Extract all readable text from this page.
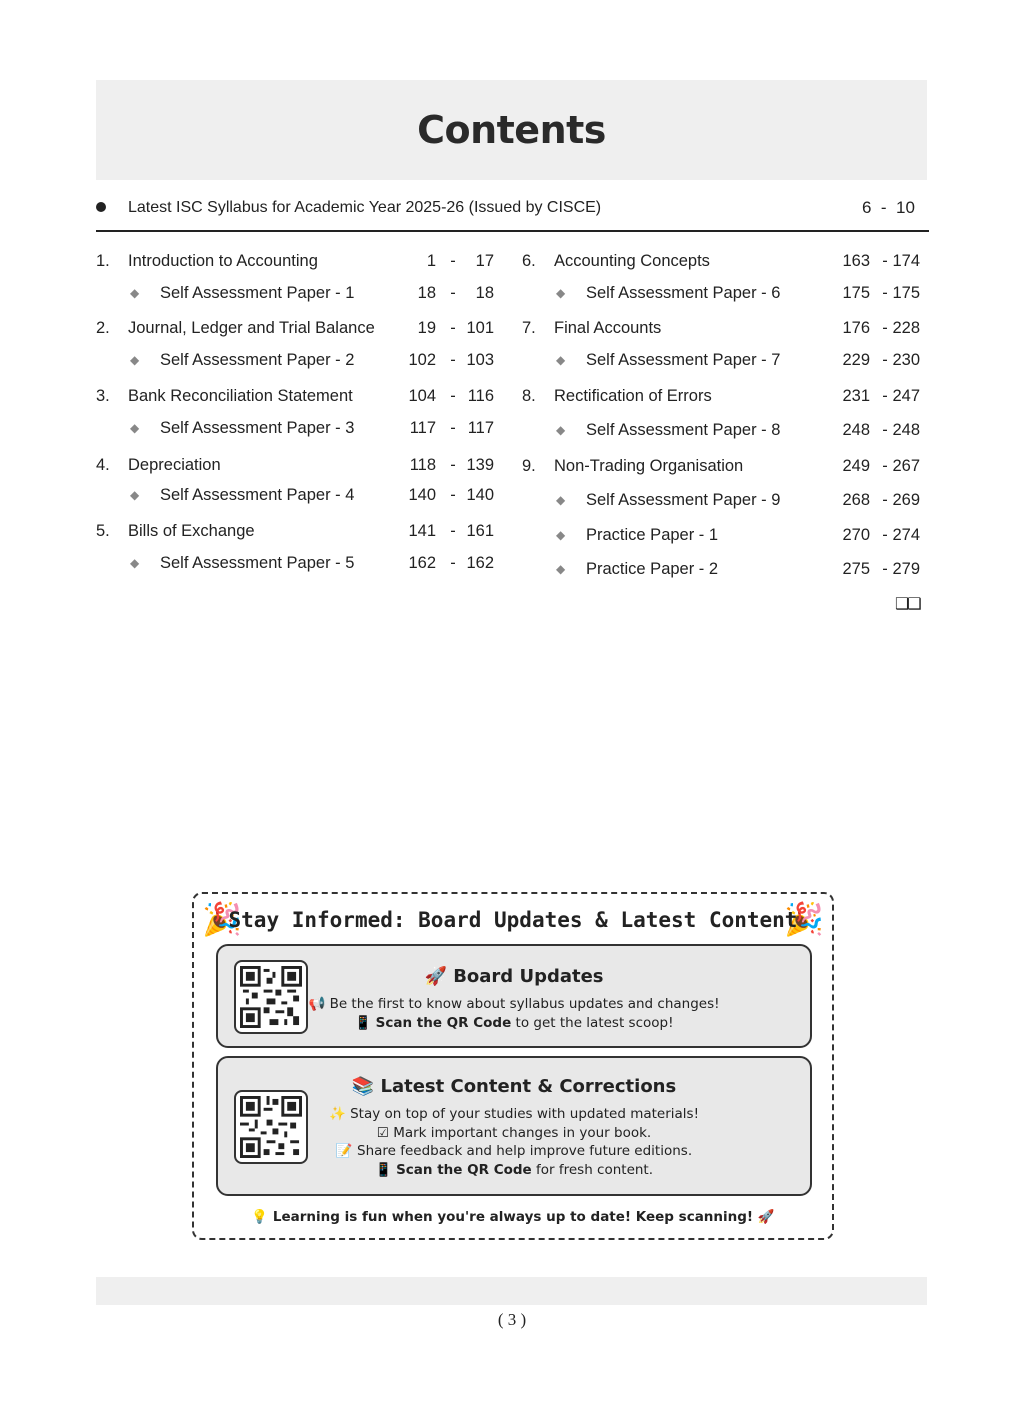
Contents
Latest ISC Syllabus for Academic Year 2025-26 (Issued by CISCE)	6  -  10
1. Introduction to Accounting	1 -	17
◆ Self Assessment Paper - 1	18 -	18
2. Journal, Ledger and Trial Balance	19 - 101
◆ Self Assessment Paper - 2	102 - 103
3. Bank Reconciliation Statement	104 - 116
◆ Self Assessment Paper - 3	117 - 117
4. Depreciation	118 - 139
◆ Self Assessment Paper - 4	140 - 140
5. Bills of Exchange	141 - 161
◆ Self Assessment Paper - 5	162 - 162
6. Accounting Concepts	163 - 174
◆ Self Assessment Paper - 6	175 - 175
7. Final Accounts	176 - 228
◆ Self Assessment Paper - 7	229 - 230
8. Rectification of Errors	231 - 247
◆ Self Assessment Paper - 8	248 - 248
9. Non-Trading Organisation	249 - 267
◆ Self Assessment Paper - 9	268 - 269
◆ Practice Paper - 1	270 - 274
◆ Practice Paper - 2	275 - 279
❑❑
🎉	🎉
Stay Informed: Board Updates & Latest Content
🚀 Board Updates
📢 Be the first to know about syllabus updates and changes!
📱 Scan the QR Code to get the latest scoop!
📚 Latest Content & Corrections
✨ Stay on top of your studies with updated materials!
☑ Mark important changes in your book.
📝 Share feedback and help improve future editions.
📱 Scan the QR Code for fresh content.
💡 Learning is fun when you're always up to date! Keep scanning! 🚀
( 3 )
